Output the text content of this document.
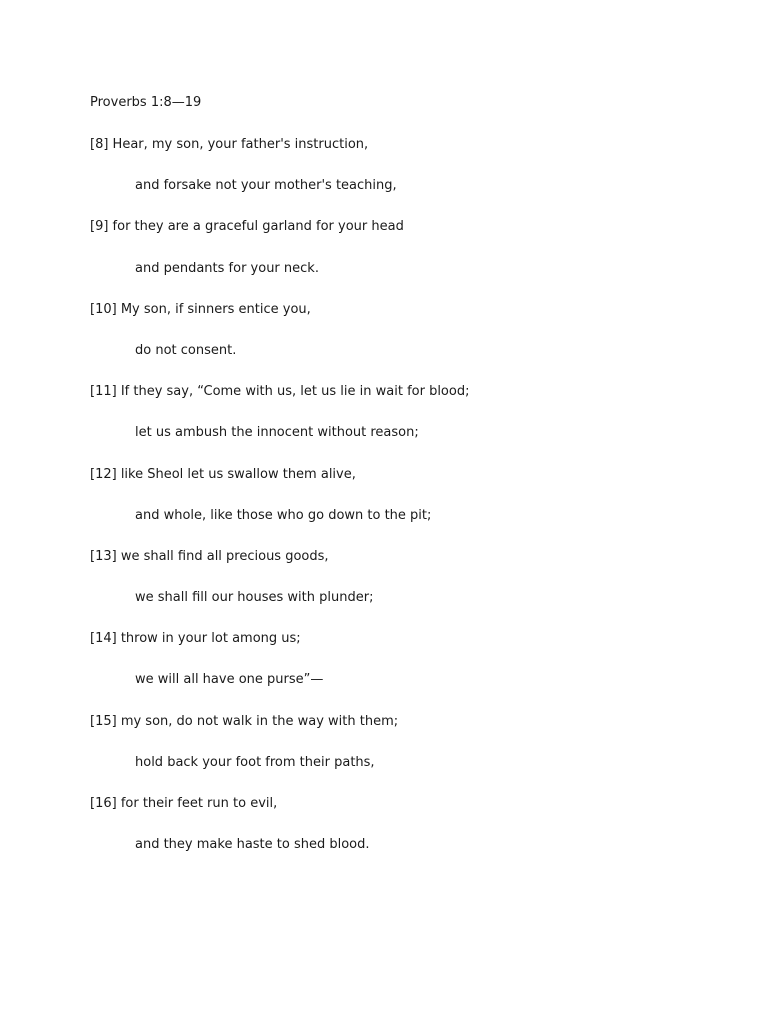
Proverbs 1:8—19
[8] Hear, my son, your father's instruction,
and forsake not your mother's teaching,
[9] for they are a graceful garland for your head
and pendants for your neck.
[10] My son, if sinners entice you,
do not consent.
[11] If they say, “Come with us, let us lie in wait for blood;
let us ambush the innocent without reason;
[12] like Sheol let us swallow them alive,
and whole, like those who go down to the pit;
[13] we shall find all precious goods,
we shall fill our houses with plunder;
[14] throw in your lot among us;
we will all have one purse”—
[15] my son, do not walk in the way with them;
hold back your foot from their paths,
[16] for their feet run to evil,
and they make haste to shed blood.
